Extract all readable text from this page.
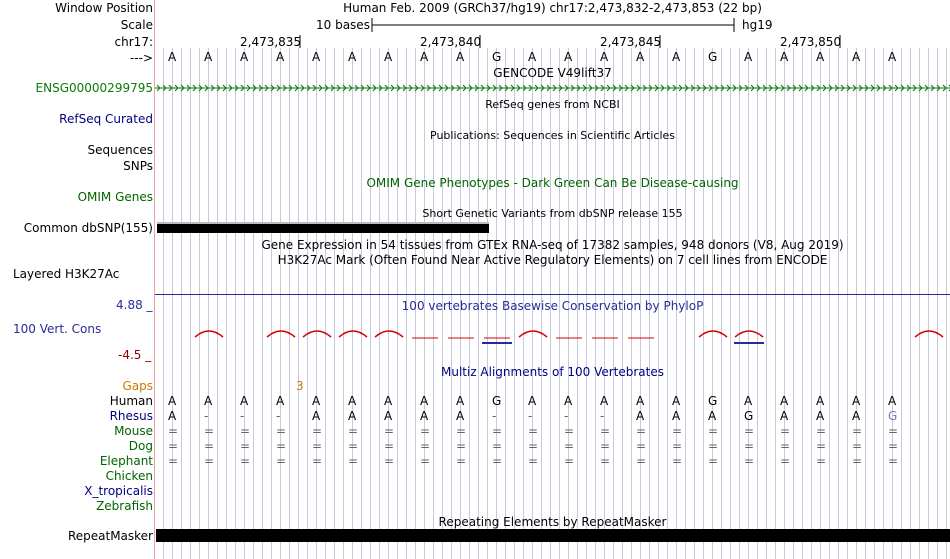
Window Position	Human Feb. 2009 (GRCh37/hg19) chr17:2,473,832-2,473,853 (22 bp)
Scale	10 bases	hg19
chr17:	2,473,835	2,473,840	2,473,845	2,473,850
---> A A A A A A A A A G A A A A A G A A A A A
GENCODE V49lift37
ENSG00000299795
RefSeq genes from NCBI
RefSeq Curated
Publications: Sequences in Scientific Articles
Sequences
SNPs
OMIM Gene Phenotypes - Dark Green Can Be Disease-causing
OMIM Genes
Short Genetic Variants from dbSNP release 155
Common dbSNP(155)
Gene Expression in 54 tissues from GTEx RNA-seq of 17382 samples, 948 donors (V8, Aug 2019)
H3K27Ac Mark (Often Found Near Active Regulatory Elements) on 7 cell lines from ENCODE
Layered H3K27Ac
4.88 _	100 vertebrates Basewise Conservation by PhyloP
100 Vert. Cons
-4.5 _
Multiz Alignments of 100 Vertebrates
Gaps	3
Human A A A A A A A A A G A A A A A G A A A A A
Rhesus A -	-	-	A A A A A -	-	-	-	A A A G A A A G
Mouse = = = = = = = = = = = = = = = = = = = = =
Dog = = = = = = = = = = = = = = = = = = = = =
Elephant = = = = = = = = = = = = = = = = = = = = =
Chicken
X_tropicalis
Zebrafish
Repeating Elements by RepeatMasker
RepeatMasker
